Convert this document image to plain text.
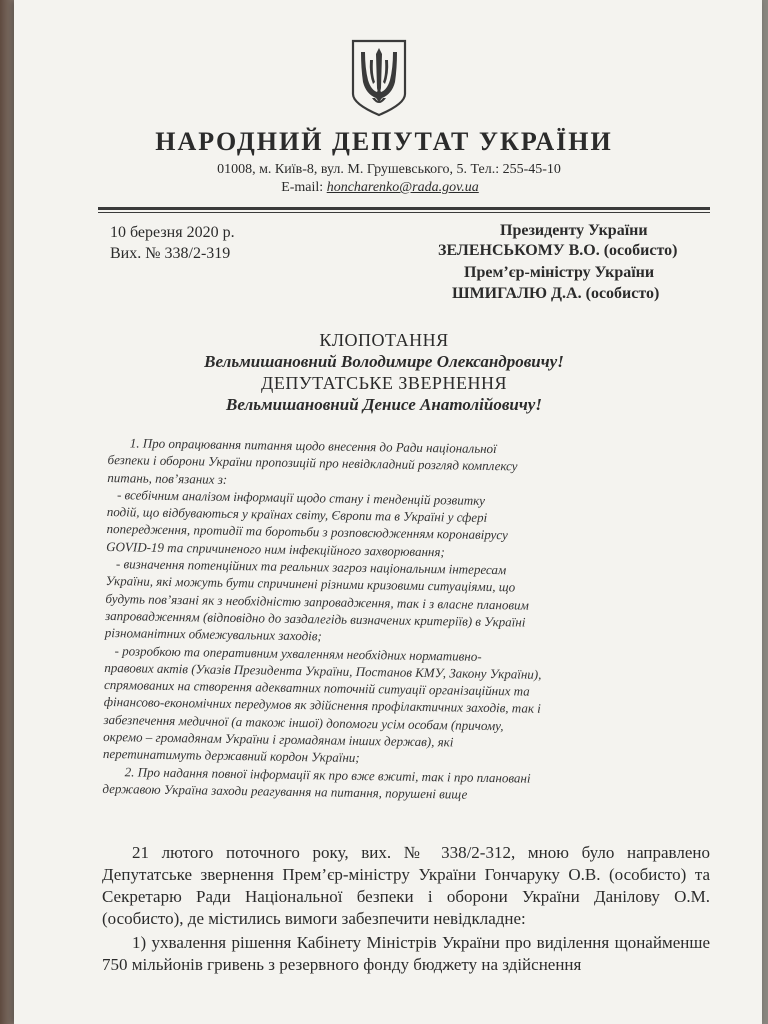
НАРОДНИЙ ДЕПУТАТ УКРАЇНИ
01008, м. Київ-8, вул. М. Грушевського, 5. Тел.: 255-45-10
E-mail: honcharenko@rada.gov.ua
10 березня 2020 р.
Вих. № 338/2-319
Президенту України
ЗЕЛЕНСЬКОМУ В.О. (особисто)
Прем’єр-міністру України
ШМИГАЛЮ Д.А. (особисто)
КЛОПОТАННЯ
Вельмишановний Володимире Олександровичу!
ДЕПУТАТСЬКЕ ЗВЕРНЕННЯ
Вельмишановний Денисе Анатолійовичу!

1. Про опрацювання питання щодо внесення до Ради національної

безпеки і оборони України пропозицій про невідкладний розгляд комплексу

питань, пов’язаних з:

- всебічним аналізом інформації щодо стану і тенденцій розвитку

подій, що відбуваються у країнах світу, Європи та в Україні у сфері

попередження, протидії та боротьби з розповсюдженням коронавірусу

GOVID-19 та спричиненого ним інфекційного захворювання;

- визначення потенційних та реальних загроз національним інтересам

України, які можуть бути спричинені різними кризовими ситуаціями, що

будуть пов’язані як з необхідністю запровадження, так і з власне плановим

запровадженням (відповідно до заздалегідь визначених критеріїв) в Україні

різноманітних обмежувальних заходів;

- розробкою та оперативним ухваленням необхідних нормативно-

правових актів (Указів Президента України, Постанов КМУ, Закону України),

спрямованих на створення адекватних поточній ситуації організаційних та

фінансово-економічних передумов як здійснення профілактичних заходів, так і

забезпечення медичної (а також іншої) допомоги усім особам (причому,

окремо – громадянам України і громадянам інших держав), які

перетинатимуть державний кордон України;

2. Про надання повної інформації як про вже вжиті, так і про плановані

державою Україна заходи реагування на питання, порушені вище

21 лютого поточного року, вих. № 338/2-312, мною було направлено Депутатське звернення Прем’єр-міністру України Гончаруку О.В. (особисто) та Секретарю Ради Національної безпеки і оборони України Данілову О.М. (особисто), де містились вимоги забезпечити невідкладне:

1) ухвалення рішення Кабінету Міністрів України про виділення щонайменше 750 мільйонів гривень з резервного фонду бюджету на здійснення
